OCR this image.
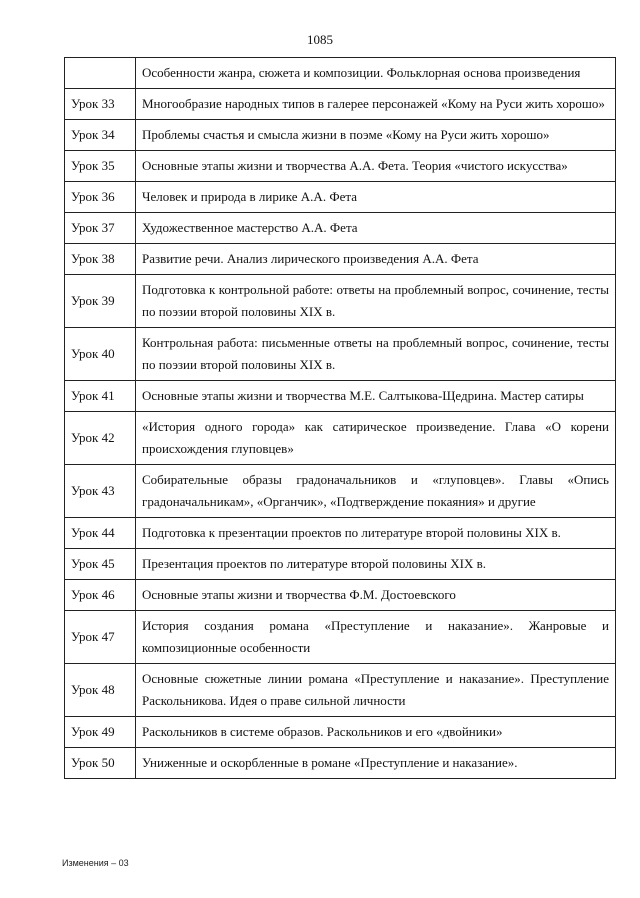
1085
	Особенности жанра, сюжета и композиции. Фольклорная основа произведения
Урок 33	Многообразие народных типов в галерее персонажей «Кому на Руси жить хорошо»
Урок 34	Проблемы счастья и смысла жизни в поэме «Кому на Руси жить хорошо»
Урок 35	Основные этапы жизни и творчества А.А. Фета. Теория «чистого искусства»
Урок 36	Человек и природа в лирике А.А. Фета
Урок 37	Художественное мастерство А.А. Фета
Урок 38	Развитие речи. Анализ лирического произведения А.А. Фета
Урок 39	Подготовка к контрольной работе: ответы на проблемный вопрос, сочинение, тесты по поэзии второй половины XIX в.
Урок 40	Контрольная работа: письменные ответы на проблемный вопрос, сочинение, тесты по поэзии второй половины XIX в.
Урок 41	Основные этапы жизни и творчества М.Е. Салтыкова-Щедрина. Мастер сатиры
Урок 42	«История одного города» как сатирическое произведение. Глава «О корени происхождения глуповцев»
Урок 43	Собирательные образы градоначальников и «глуповцев». Главы «Опись градоначальникам», «Органчик», «Подтверждение покаяния» и другие
Урок 44	Подготовка к презентации проектов по литературе второй половины XIX в.
Урок 45	Презентация проектов по литературе второй половины XIX в.
Урок 46	Основные этапы жизни и творчества Ф.М. Достоевского
Урок 47	История создания романа «Преступление и наказание». Жанровые и композиционные особенности
Урок 48	Основные сюжетные линии романа «Преступление и наказание». Преступление Раскольникова. Идея о праве сильной личности
Урок 49	Раскольников в системе образов. Раскольников и его «двойники»
Урок 50	Униженные и оскорбленные в романе «Преступление и наказание».
Изменения – 03
